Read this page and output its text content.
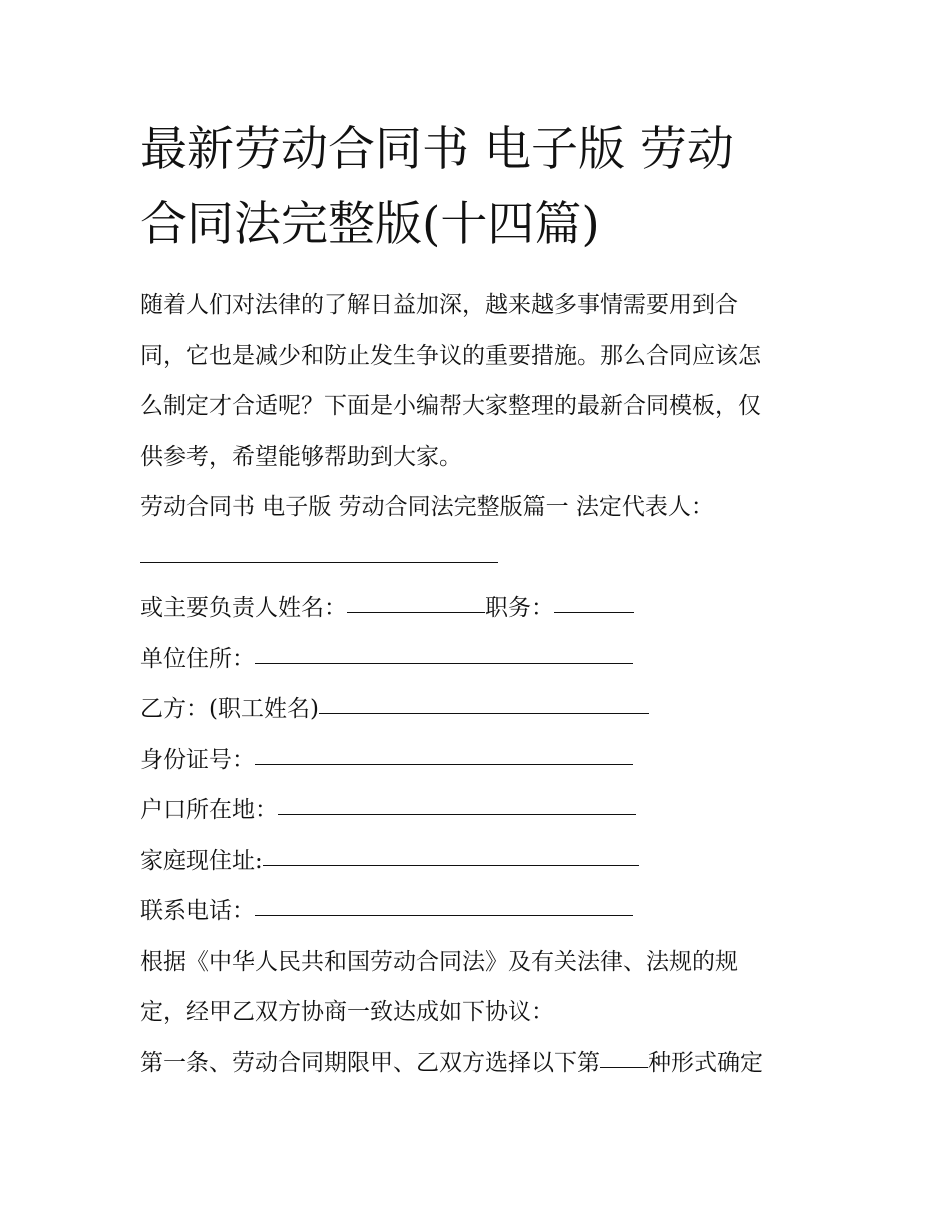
最新劳动合同书 电子版 劳动
合同法完整版(十四篇)
随着人们对法律的了解日益加深，越来越多事情需要用到合
同，它也是减少和防止发生争议的重要措施。那么合同应该怎
么制定才合适呢？下面是小编帮大家整理的最新合同模板，仅
供参考，希望能够帮助到大家。
劳动合同书 电子版 劳动合同法完整版篇一 法定代表人：
或主要负责人姓名：	职务：
单位住所：
乙方：(职工姓名)
身份证号：
户口所在地：
家庭现住址:
联系电话：
根据《中华人民共和国劳动合同法》及有关法律、法规的规
定，经甲乙双方协商一致达成如下协议：
第一条、劳动合同期限甲、乙双方选择以下第 种形式确定
